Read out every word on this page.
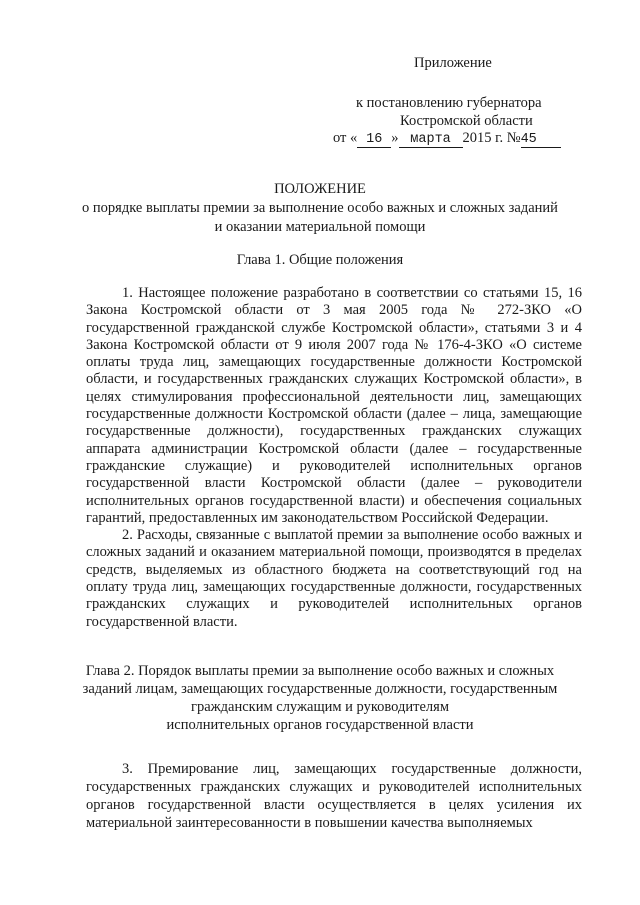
Приложение
к постановлению губернатора
Костромской области
от « 16 » марта 2015 г. №45
ПОЛОЖЕНИЕ
о порядке выплаты премии за выполнение особо важных и сложных заданий
и оказании материальной помощи
Глава 1. Общие положения

1. Настоящее положение разработано в соответствии со статьями 15, 16 Закона Костромской области от 3 мая 2005 года № 272-ЗКО «О государственной гражданской службе Костромской области», статьями 3 и 4 Закона Костромской области от 9 июля 2007 года № 176-4-ЗКО «О системе оплаты труда лиц, замещающих государственные должности Костромской области, и государственных гражданских служащих Костромской области», в целях стимулирования профессиональной деятельности лиц, замещающих государственные должности Костромской области (далее – лица, замещающие государственные должности), государственных гражданских служащих аппарата администрации Костромской области (далее – государственные гражданские служащие) и руководителей исполнительных органов государственной власти Костромской области (далее – руководители исполнительных органов государственной власти) и обеспечения социальных гарантий, предоставленных им законодательством Российской Федерации.

2. Расходы, связанные с выплатой премии за выполнение особо важных и сложных заданий и оказанием материальной помощи, производятся в пределах средств, выделяемых из областного бюджета на соответствующий год на оплату труда лиц, замещающих государственные должности, государственных гражданских служащих и руководителей исполнительных органов государственной власти.

Глава 2. Порядок выплаты премии за выполнение особо важных и сложных
заданий лицам, замещающих государственные должности, государственным
гражданским служащим и руководителям
исполнительных органов государственной власти

3. Премирование лиц, замещающих государственные должности, государственных гражданских служащих и руководителей исполнительных органов государственной власти осуществляется в целях усиления их материальной заинтересованности в повышении качества выполняемых
